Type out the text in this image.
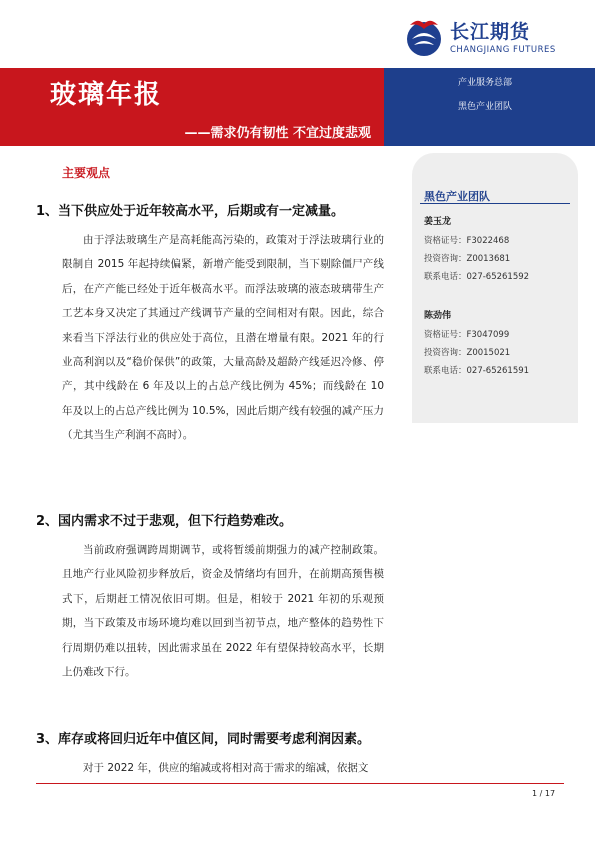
长江期货
CHANGJIANG FUTURES
玻璃年报
——需求仍有韧性 不宜过度悲观
产业服务总部
黑色产业团队
黑色产业团队
姜玉龙
资格证号：F3022468
投资咨询：Z0013681
联系电话：027-65261592
陈劲伟
资格证号：F3047099
投资咨询：Z0015021
联系电话：027-65261591
主要观点
1、当下供应处于近年较高水平，后期或有一定减量。
由于浮法玻璃生产是高耗能高污染的，政策对于浮法玻璃行业的限制自 2015 年起持续偏紧，新增产能受到限制，当下剔除僵尸产线后，在产产能已经处于近年极高水平。而浮法玻璃的液态玻璃带生产工艺本身又决定了其通过产线调节产量的空间相对有限。因此，综合来看当下浮法行业的供应处于高位，且潜在增量有限。2021 年的行业高利润以及“稳价保供”的政策，大量高龄及超龄产线延迟冷修、停产，其中线龄在 6 年及以上的占总产线比例为 45%；而线龄在 10 年及以上的占总产线比例为 10.5%，因此后期产线有较强的减产压力（尤其当生产利润不高时）。
2、国内需求不过于悲观，但下行趋势难改。
当前政府强调跨周期调节，或将暂缓前期强力的减产控制政策。且地产行业风险初步释放后，资金及情绪均有回升，在前期高预售模式下，后期赶工情况依旧可期。但是，相较于 2021 年初的乐观预期，当下政策及市场环境均难以回到当初节点，地产整体的趋势性下行周期仍难以扭转，因此需求虽在 2022 年有望保持较高水平，长期上仍难改下行。
3、库存或将回归近年中值区间，同时需要考虑利润因素。
对于 2022 年，供应的缩减或将相对高于需求的缩减，依据文
1 / 17
